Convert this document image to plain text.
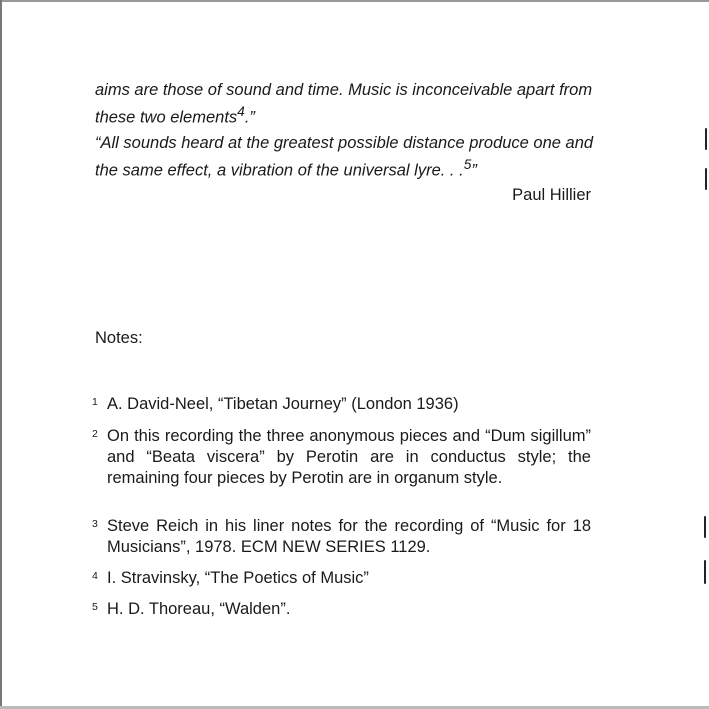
aims are those of sound and time. Music is inconceivable apart from these two elements$^4$.”

“All sounds heard at the greatest possible distance produce one and the same effect, a vibration of the universal lyre. . .$^5$”

Paul Hillier

Notes:

1 A. David-Neel, “Tibetan Journey” (London 1936)
2 On this recording the three anonymous pieces and “Dum sigillum” and “Beata viscera” by Perotin are in conductus style; the remaining four pieces by Perotin are in organum style.
3 Steve Reich in his liner notes for the recording of “Music for 18 Musicians”, 1978. ECM NEW SERIES 1129.
4 I. Stravinsky, “The Poetics of Music”
5 H. D. Thoreau, “Walden”.
